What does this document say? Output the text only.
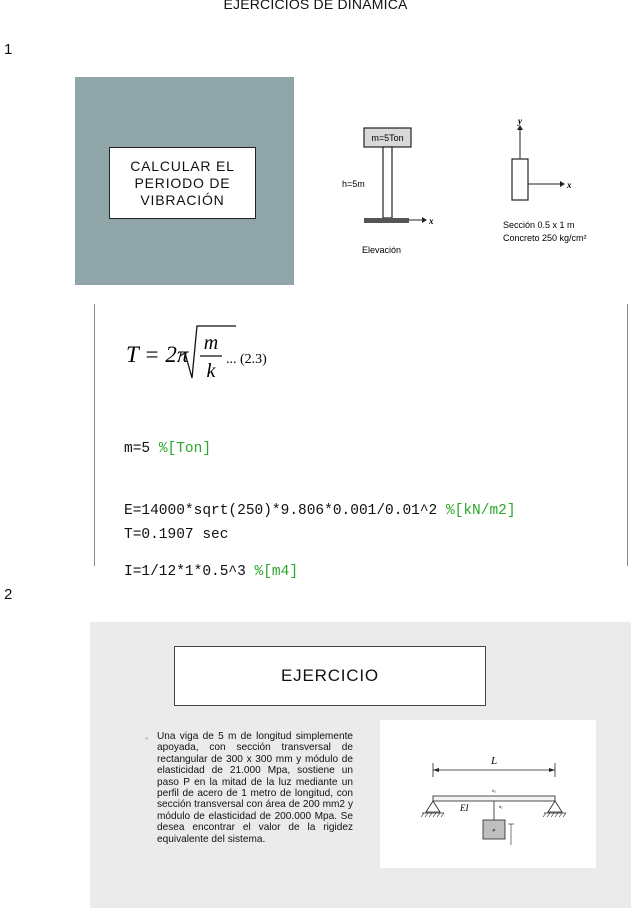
EJERCICIOS DE DINAMICA
1
2
CALCULAR EL
PERIODO DE
VIBRACIÓN
m=5Ton
x
h=5m
Elevación
y
x
Sección 0.5 x 1 m
Concreto 250 kg/cm²
T = 2π m
k
... (2.3)

m=5 %[Ton]

E=14000*sqrt(250)*9.806*0.001/0.01^2 %[kN/m2]

I=1/12*1*0.5^3 %[m4]

T=0.1907 sec
EJERCICIO
◦ Una viga de 5 m de longitud simplemente apoyada, con sección transversal de rectangular de 300 x 300 mm y módulo de elasticidad de 21.000 Mpa, sostiene un paso P en la mitad de la luz mediante un perfil de acero de 1 metro de longitud, con sección transversal con área de 200 mm2 y módulo de elasticidad de 200.000 Mpa. Se desea encontrar el valor de la rigidez equivalente del sistema.
L
k₁
EI	k₂
P
